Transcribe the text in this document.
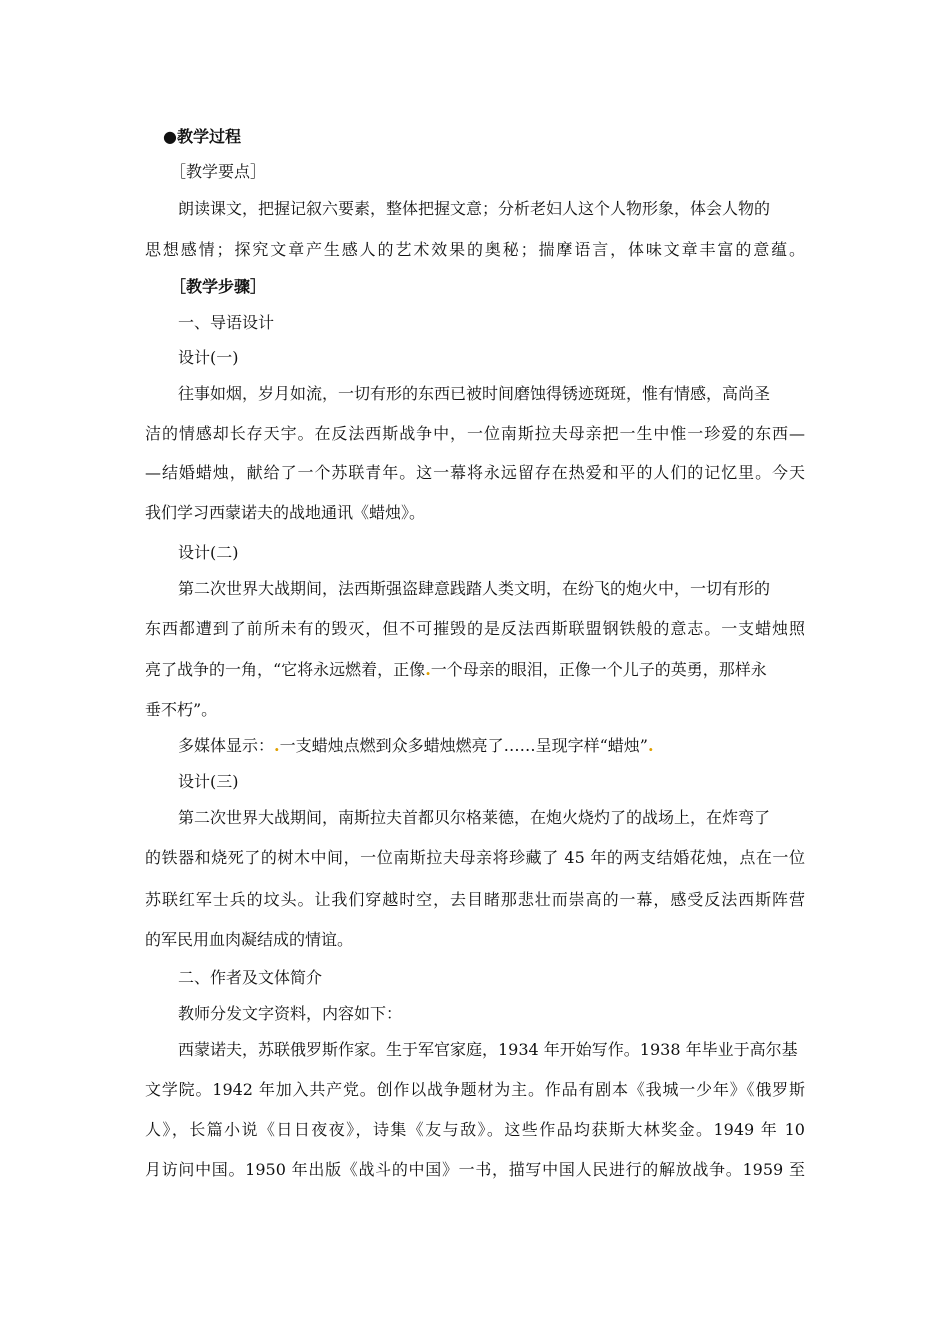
●教学过程
［教学要点］
朗读课文，把握记叙六要素，整体把握文意；分析老妇人这个人物形象，体会人物的
思想感情；探究文章产生感人的艺术效果的奥秘；揣摩语言，体味文章丰富的意蕴。
［教学步骤］
一、导语设计
设计(一)
往事如烟，岁月如流，一切有形的东西已被时间磨蚀得锈迹斑斑，惟有情感，高尚圣
洁的情感却长存天宇。在反法西斯战争中，一位南斯拉夫母亲把一生中惟一珍爱的东西—
—结婚蜡烛，献给了一个苏联青年。这一幕将永远留存在热爱和平的人们的记忆里。今天
我们学习西蒙诺夫的战地通讯《蜡烛》。
设计(二)
第二次世界大战期间，法西斯强盗肆意践踏人类文明，在纷飞的炮火中，一切有形的
东西都遭到了前所未有的毁灭，但不可摧毁的是反法西斯联盟钢铁般的意志。一支蜡烛照
亮了战争的一角，“它将永远燃着，正像.一个母亲的眼泪，正像一个儿子的英勇，那样永
垂不朽”。
多媒体显示：.一支蜡烛点燃到众多蜡烛燃亮了……呈现字样“蜡烛”.
设计(三)
第二次世界大战期间，南斯拉夫首都贝尔格莱德，在炮火烧灼了的战场上，在炸弯了
的铁器和烧死了的树木中间，一位南斯拉夫母亲将珍藏了 45 年的两支结婚花烛，点在一位
苏联红军士兵的坟头。让我们穿越时空，去目睹那悲壮而崇高的一幕，感受反法西斯阵营
的军民用血肉凝结成的情谊。
二、作者及文体简介
教师分发文字资料，内容如下：
西蒙诺夫，苏联俄罗斯作家。生于军官家庭，1934 年开始写作。1938 年毕业于高尔基
文学院。1942 年加入共产党。创作以战争题材为主。作品有剧本《我城一少年》《俄罗斯
人》，长篇小说《日日夜夜》，诗集《友与敌》。这些作品均获斯大林奖金。1949 年 10
月访问中国。1950 年出版《战斗的中国》一书，描写中国人民进行的解放战争。1959 至
